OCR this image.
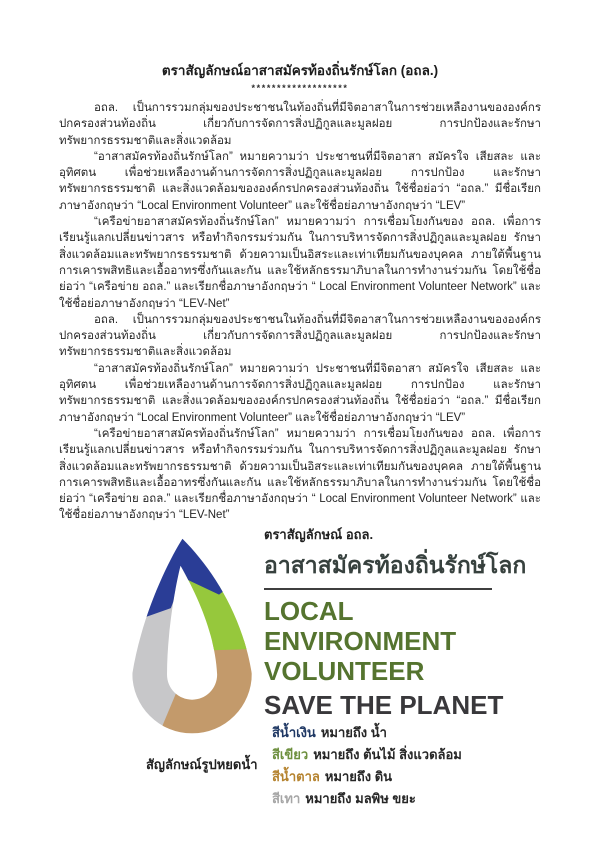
ตราสัญลักษณ์อาสาสมัครท้องถิ่นรักษ์โลก (อถล.)
*******************

อถล. เป็นการรวมกลุ่มของประชาชนในท้องถิ่นที่มีจิตอาสาในการช่วยเหลืองานขององค์กรปกครองส่วนท้องถิ่น เกี่ยวกับการจัดการสิ่งปฏิกูลและมูลฝอย การปกป้องและรักษาทรัพยากรธรรมชาติและสิ่งแวดล้อม

“อาสาสมัครท้องถิ่นรักษ์โลก” หมายความว่า ประชาชนที่มีจิตอาสา สมัครใจ เสียสละ และอุทิศตน เพื่อช่วยเหลืองานด้านการจัดการสิ่งปฏิกูลและมูลฝอย การปกป้อง และรักษาทรัพยากรธรรมชาติ และสิ่งแวดล้อมขององค์กรปกครองส่วนท้องถิ่น ใช้ชื่อย่อว่า “อถล.” มีชื่อเรียกภาษาอังกฤษว่า “Local Environment Volunteer” และใช้ชื่อย่อภาษาอังกฤษว่า “LEV”

“เครือข่ายอาสาสมัครท้องถิ่นรักษ์โลก” หมายความว่า การเชื่อมโยงกันของ อถล. เพื่อการเรียนรู้แลกเปลี่ยนข่าวสาร หรือทำกิจกรรมร่วมกัน ในการบริหารจัดการสิ่งปฏิกูลและมูลฝอย รักษาสิ่งแวดล้อมและทรัพยากรธรรมชาติ ด้วยความเป็นอิสระและเท่าเทียมกันของบุคคล ภายใต้พื้นฐานการเคารพสิทธิและเอื้ออาทรซึ่งกันและกัน และใช้หลักธรรมาภิบาลในการทำงานร่วมกัน โดยใช้ชื่อย่อว่า “เครือข่าย อถล.” และเรียกชื่อภาษาอังกฤษว่า “ Local Environment Volunteer Network” และใช้ชื่อย่อภาษาอังกฤษว่า “LEV-Net”

อถล. เป็นการรวมกลุ่มของประชาชนในท้องถิ่นที่มีจิตอาสาในการช่วยเหลืองานขององค์กรปกครองส่วนท้องถิ่น เกี่ยวกับการจัดการสิ่งปฏิกูลและมูลฝอย การปกป้องและรักษาทรัพยากรธรรมชาติและสิ่งแวดล้อม

“อาสาสมัครท้องถิ่นรักษ์โลก” หมายความว่า ประชาชนที่มีจิตอาสา สมัครใจ เสียสละ และอุทิศตน เพื่อช่วยเหลืองานด้านการจัดการสิ่งปฏิกูลและมูลฝอย การปกป้อง และรักษาทรัพยากรธรรมชาติ และสิ่งแวดล้อมขององค์กรปกครองส่วนท้องถิ่น ใช้ชื่อย่อว่า “อถล.” มีชื่อเรียกภาษาอังกฤษว่า “Local Environment Volunteer” และใช้ชื่อย่อภาษาอังกฤษว่า “LEV”

“เครือข่ายอาสาสมัครท้องถิ่นรักษ์โลก” หมายความว่า การเชื่อมโยงกันของ อถล. เพื่อการเรียนรู้แลกเปลี่ยนข่าวสาร หรือทำกิจกรรมร่วมกัน ในการบริหารจัดการสิ่งปฏิกูลและมูลฝอย รักษาสิ่งแวดล้อมและทรัพยากรธรรมชาติ ด้วยความเป็นอิสระและเท่าเทียมกันของบุคคล ภายใต้พื้นฐานการเคารพสิทธิและเอื้ออาทรซึ่งกันและกัน และใช้หลักธรรมาภิบาลในการทำงานร่วมกัน โดยใช้ชื่อย่อว่า “เครือข่าย อถล.” และเรียกชื่อภาษาอังกฤษว่า “ Local Environment Volunteer Network” และใช้ชื่อย่อภาษาอังกฤษว่า “LEV-Net”

สัญลักษณ์รูปหยดน้ำ
ตราสัญลักษณ์ อถล.
อาสาสมัครท้องถิ่นรักษ์โลก
LOCAL
ENVIRONMENT
VOLUNTEER
SAVE THE PLANET
สีน้ำเงิน หมายถึง น้ำ
สีเขียว หมายถึง ต้นไม้ สิ่งแวดล้อม
สีน้ำตาล หมายถึง ดิน
สีเทา หมายถึง มลพิษ ขยะ
